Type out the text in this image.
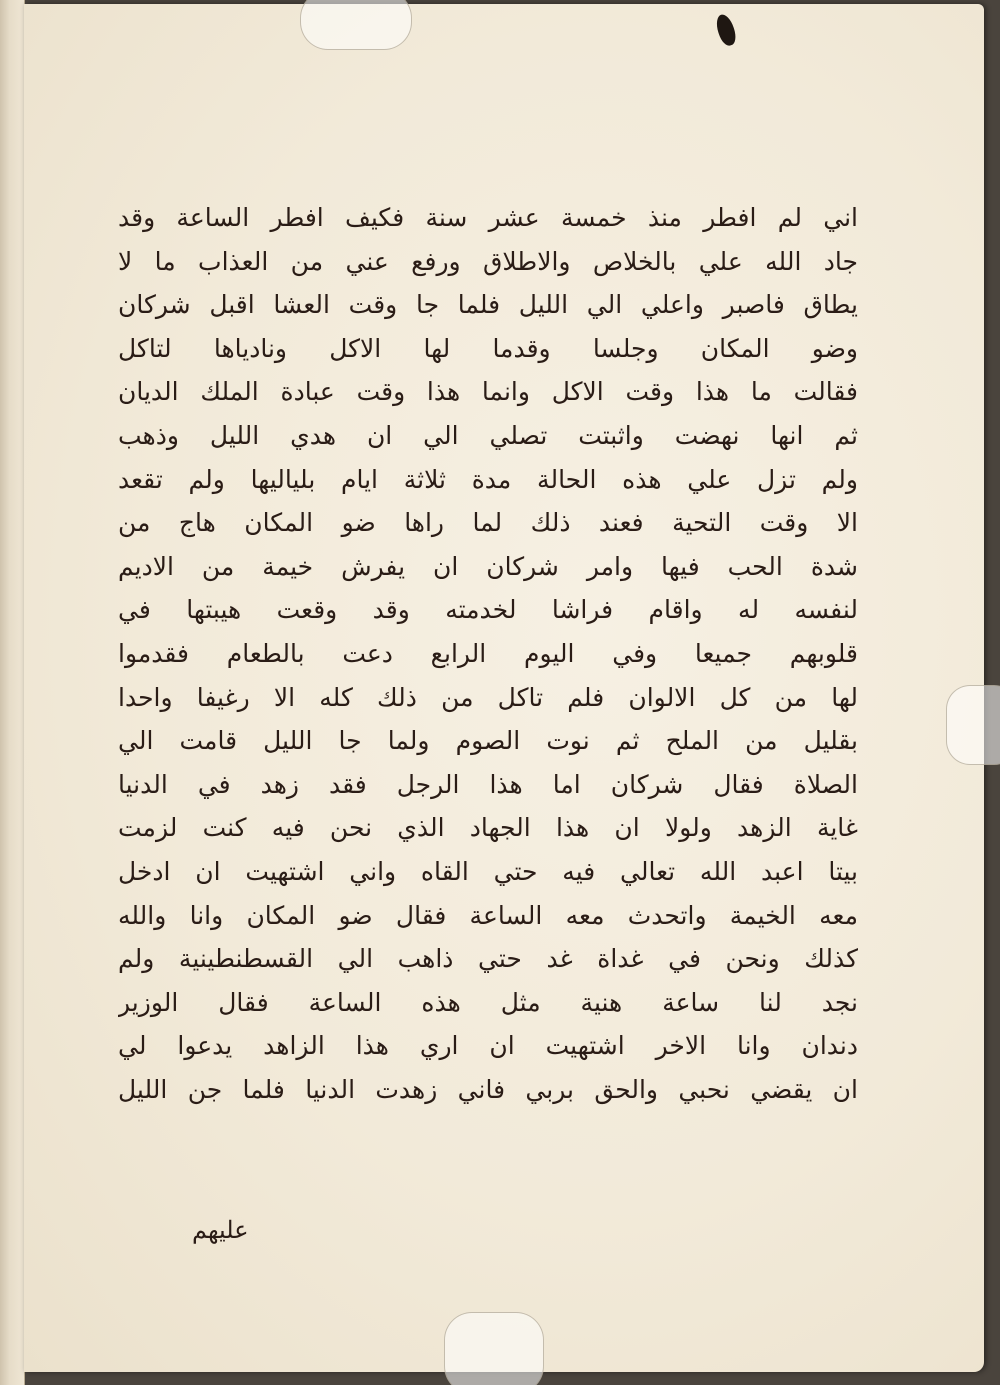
اني لم افطر منذ خمسة عشر سنة فكيف افطر الساعة وقد
جاد الله علي بالخلاص والاطلاق ورفع عني من العذاب ما لا
يطاق فاصبر واعلي الي الليل فلما جا وقت العشا اقبل شركان
وضو المكان وجلسا وقدما لها الاكل ونادياها لتاكل
فقالت ما هذا وقت الاكل وانما هذا وقت عبادة الملك الديان
ثم انها نهضت واثبتت تصلي الي ان هدي الليل وذهب
ولم تزل علي هذه الحالة مدة ثلاثة ايام بلياليها ولم تقعد
الا وقت التحية فعند ذلك لما راها ضو المكان هاج من
شدة الحب فيها وامر شركان ان يفرش خيمة من الاديم
لنفسه له واقام فراشا لخدمته وقد وقعت هيبتها في
قلوبهم جميعا وفي اليوم الرابع دعت بالطعام فقدموا
لها من كل الالوان فلم تاكل من ذلك كله الا رغيفا واحدا
بقليل من الملح ثم نوت الصوم ولما جا الليل قامت الي
الصلاة فقال شركان اما هذا الرجل فقد زهد في الدنيا
غاية الزهد ولولا ان هذا الجهاد الذي نحن فيه كنت لزمت
بيتا اعبد الله تعالي فيه حتي القاه واني اشتهيت ان ادخل
معه الخيمة واتحدث معه الساعة فقال ضو المكان وانا والله
كذلك ونحن في غداة غد حتي ذاهب الي القسطنطينية ولم
نجد لنا ساعة هنية مثل هذه الساعة فقال الوزير
دندان وانا الاخر اشتهيت ان اري هذا الزاهد يدعوا لي
ان يقضي نحبي والحق بربي فاني زهدت الدنيا فلما جن الليل
عليهم
